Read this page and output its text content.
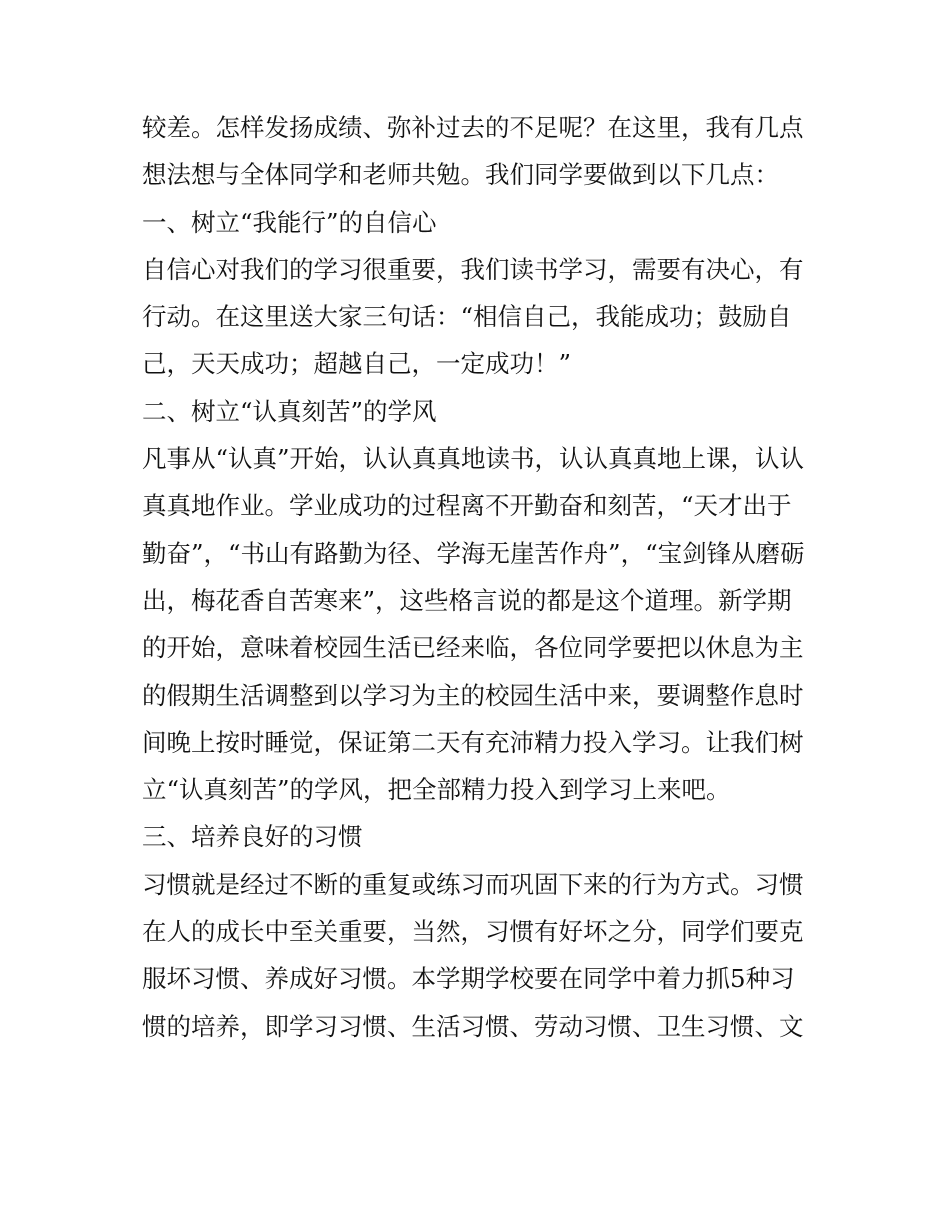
较差。怎样发扬成绩、弥补过去的不足呢？在这里，我有几点
想法想与全体同学和老师共勉。我们同学要做到以下几点：
一、树立“我能行”的自信心
自信心对我们的学习很重要，我们读书学习，需要有决心，有
行动。在这里送大家三句话：“相信自己，我能成功；鼓励自
己，天天成功；超越自己，一定成功！”
二、树立“认真刻苦”的学风
凡事从“认真”开始，认认真真地读书，认认真真地上课，认认
真真地作业。学业成功的过程离不开勤奋和刻苦，“天才出于
勤奋”，“书山有路勤为径、学海无崖苦作舟”，“宝剑锋从磨砺
出，梅花香自苦寒来”，这些格言说的都是这个道理。新学期
的开始，意味着校园生活已经来临，各位同学要把以休息为主
的假期生活调整到以学习为主的校园生活中来，要调整作息时
间晚上按时睡觉，保证第二天有充沛精力投入学习。让我们树
立“认真刻苦”的学风，把全部精力投入到学习上来吧。
三、培养良好的习惯
习惯就是经过不断的重复或练习而巩固下来的行为方式。习惯
在人的成长中至关重要，当然，习惯有好坏之分，同学们要克
服坏习惯、养成好习惯。本学期学校要在同学中着力抓5种习
惯的培养，即学习习惯、生活习惯、劳动习惯、卫生习惯、文
